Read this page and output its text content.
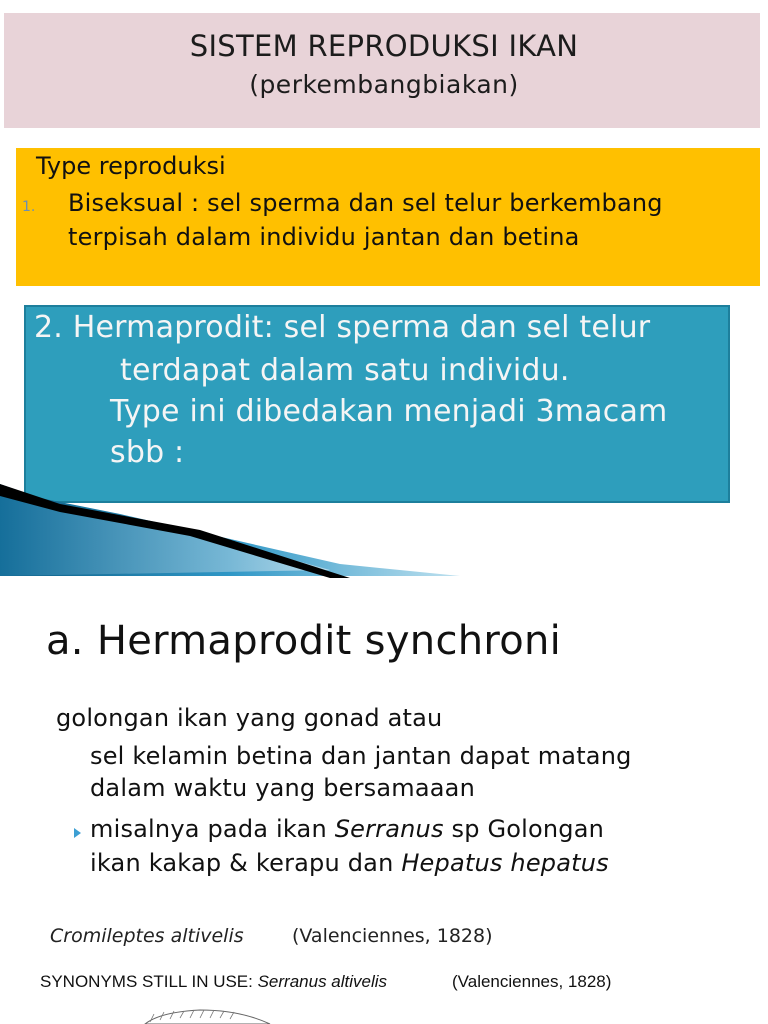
SISTEM REPRODUKSI IKAN
(perkembangbiakan)
Type reproduksi
1. Biseksual : sel sperma dan sel telur berkembang
terpisah dalam individu jantan dan betina
2. Hermaprodit: sel sperma dan sel telur
terdapat dalam satu individu.
Type ini dibedakan menjadi 3macam
sbb :
a. Hermaprodit synchroni
golongan ikan yang gonad atau
sel kelamin betina dan jantan dapat matang
dalam waktu yang bersamaaan
misalnya pada ikan Serranus sp Golongan
ikan kakap & kerapu dan Hepatus hepatus
Cromileptes altivelis	(Valenciennes, 1828)
SYNONYMS STILL IN USE: Serranus altivelis	(Valenciennes, 1828)
